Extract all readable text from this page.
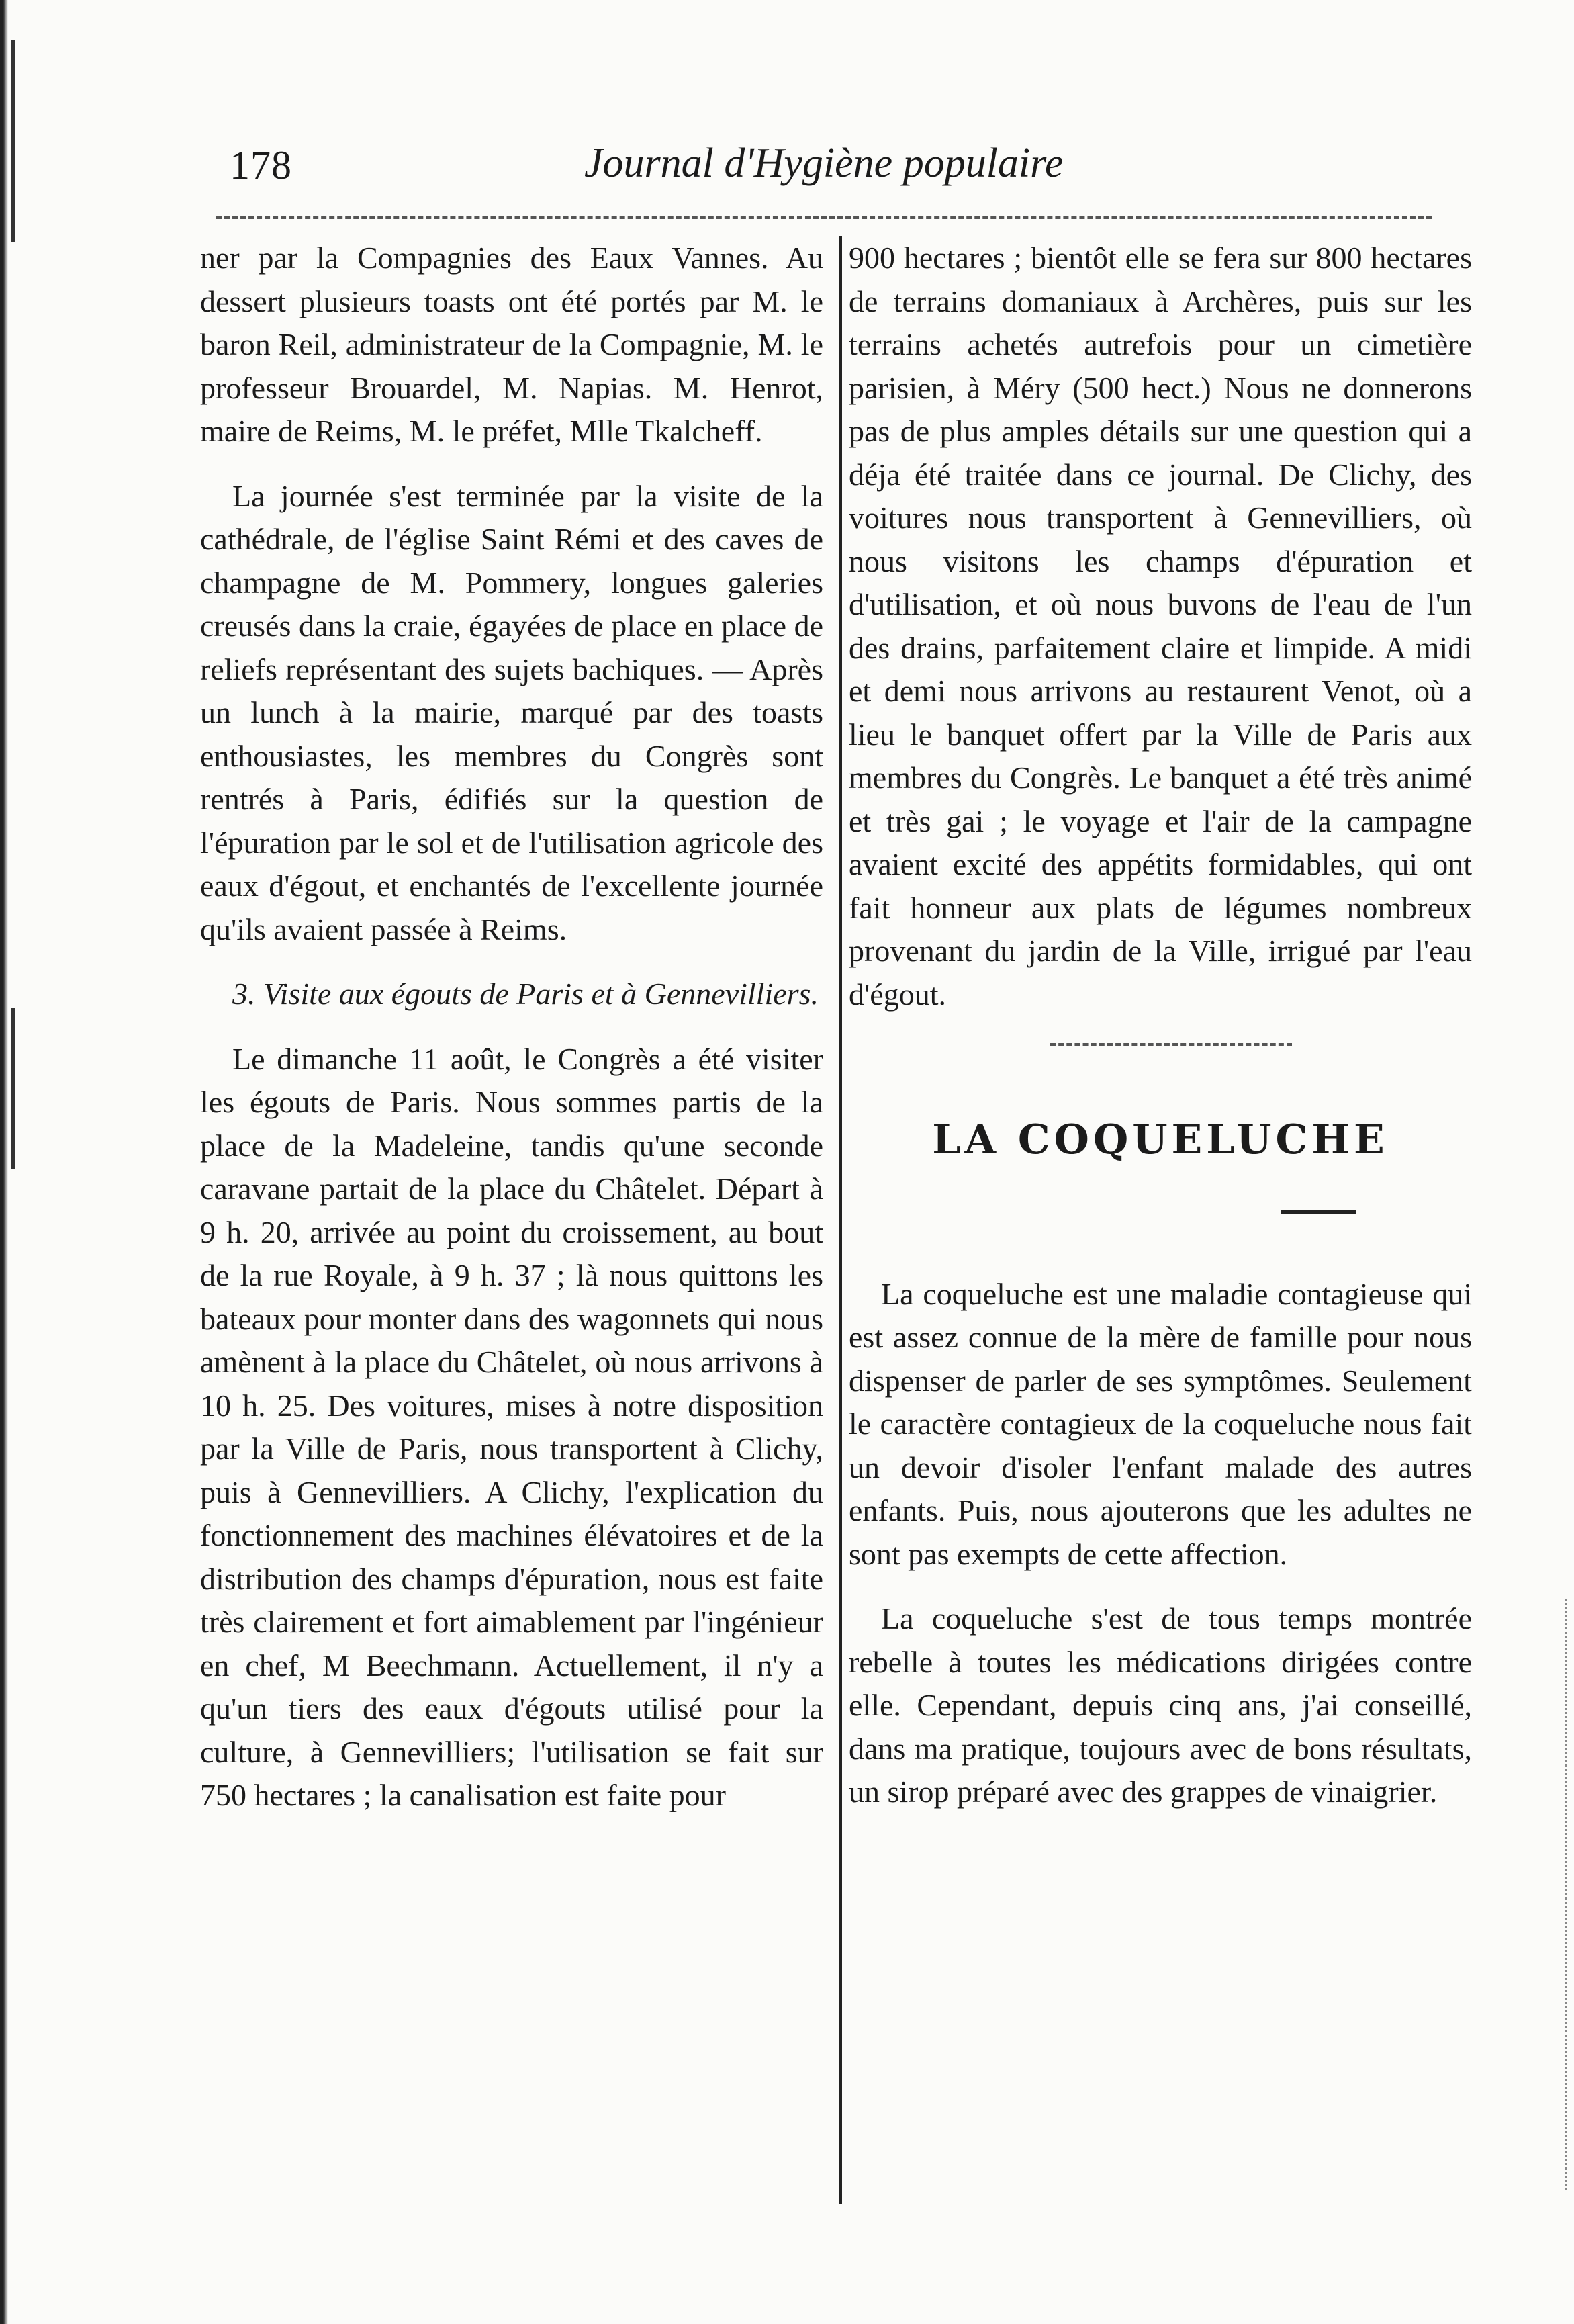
178	Journal d'Hygiène populaire

ner par la Compagnies des Eaux Vannes. Au dessert plusieurs toasts ont été portés par M. le baron Reil, administrateur de la Compagnie, M. le professeur Brouardel, M. Napias. M. Henrot, maire de Reims, M. le préfet, Mlle Tkalcheff.

La journée s'est terminée par la visite de la cathédrale, de l'église Saint Rémi et des caves de champagne de M. Pommery, longues galeries creusés dans la craie, égayées de place en place de reliefs représentant des sujets bachiques. — Après un lunch à la mairie, marqué par des toasts enthousiastes, les membres du Congrès sont rentrés à Paris, édifiés sur la question de l'épuration par le sol et de l'utilisation agricole des eaux d'égout, et enchantés de l'excellente journée qu'ils avaient passée à Reims.

3. Visite aux égouts de Paris et à Gennevilliers.

Le dimanche 11 août, le Congrès a été visiter les égouts de Paris. Nous sommes partis de la place de la Madeleine, tandis qu'une seconde caravane partait de la place du Châtelet. Départ à 9 h. 20, arrivée au point du croissement, au bout de la rue Royale, à 9 h. 37 ; là nous quittons les bateaux pour monter dans des wagonnets qui nous amènent à la place du Châtelet, où nous arrivons à 10 h. 25. Des voitures, mises à notre disposition par la Ville de Paris, nous transportent à Clichy, puis à Gennevilliers. A Clichy, l'explication du fonctionnement des machines élévatoires et de la distribution des champs d'épuration, nous est faite très clairement et fort aimablement par l'ingénieur en chef, M Beechmann. Actuellement, il n'y a qu'un tiers des eaux d'égouts utilisé pour la culture, à Gennevilliers; l'utilisation se fait sur 750 hectares ; la canalisation est faite pour

900 hectares ; bientôt elle se fera sur 800 hectares de terrains domaniaux à Archères, puis sur les terrains achetés autrefois pour un cimetière parisien, à Méry (500 hect.) Nous ne donnerons pas de plus amples détails sur une question qui a déja été traitée dans ce journal. De Clichy, des voitures nous transportent à Gennevilliers, où nous visitons les champs d'épuration et d'utilisation, et où nous buvons de l'eau de l'un des drains, parfaitement claire et limpide. A midi et demi nous arrivons au restaurent Venot, où a lieu le banquet offert par la Ville de Paris aux membres du Congrès. Le banquet a été très animé et très gai ; le voyage et l'air de la campagne avaient excité des appétits formidables, qui ont fait honneur aux plats de légumes nombreux provenant du jardin de la Ville, irrigué par l'eau d'égout.

LA COQUELUCHE

La coqueluche est une maladie contagieuse qui est assez connue de la mère de famille pour nous dispenser de parler de ses symptômes. Seulement le caractère contagieux de la coqueluche nous fait un devoir d'isoler l'enfant malade des autres enfants. Puis, nous ajouterons que les adultes ne sont pas exempts de cette affection.

La coqueluche s'est de tous temps montrée rebelle à toutes les médications dirigées contre elle. Cependant, depuis cinq ans, j'ai conseillé, dans ma pratique, toujours avec de bons résultats, un sirop préparé avec des grappes de vinaigrier.
